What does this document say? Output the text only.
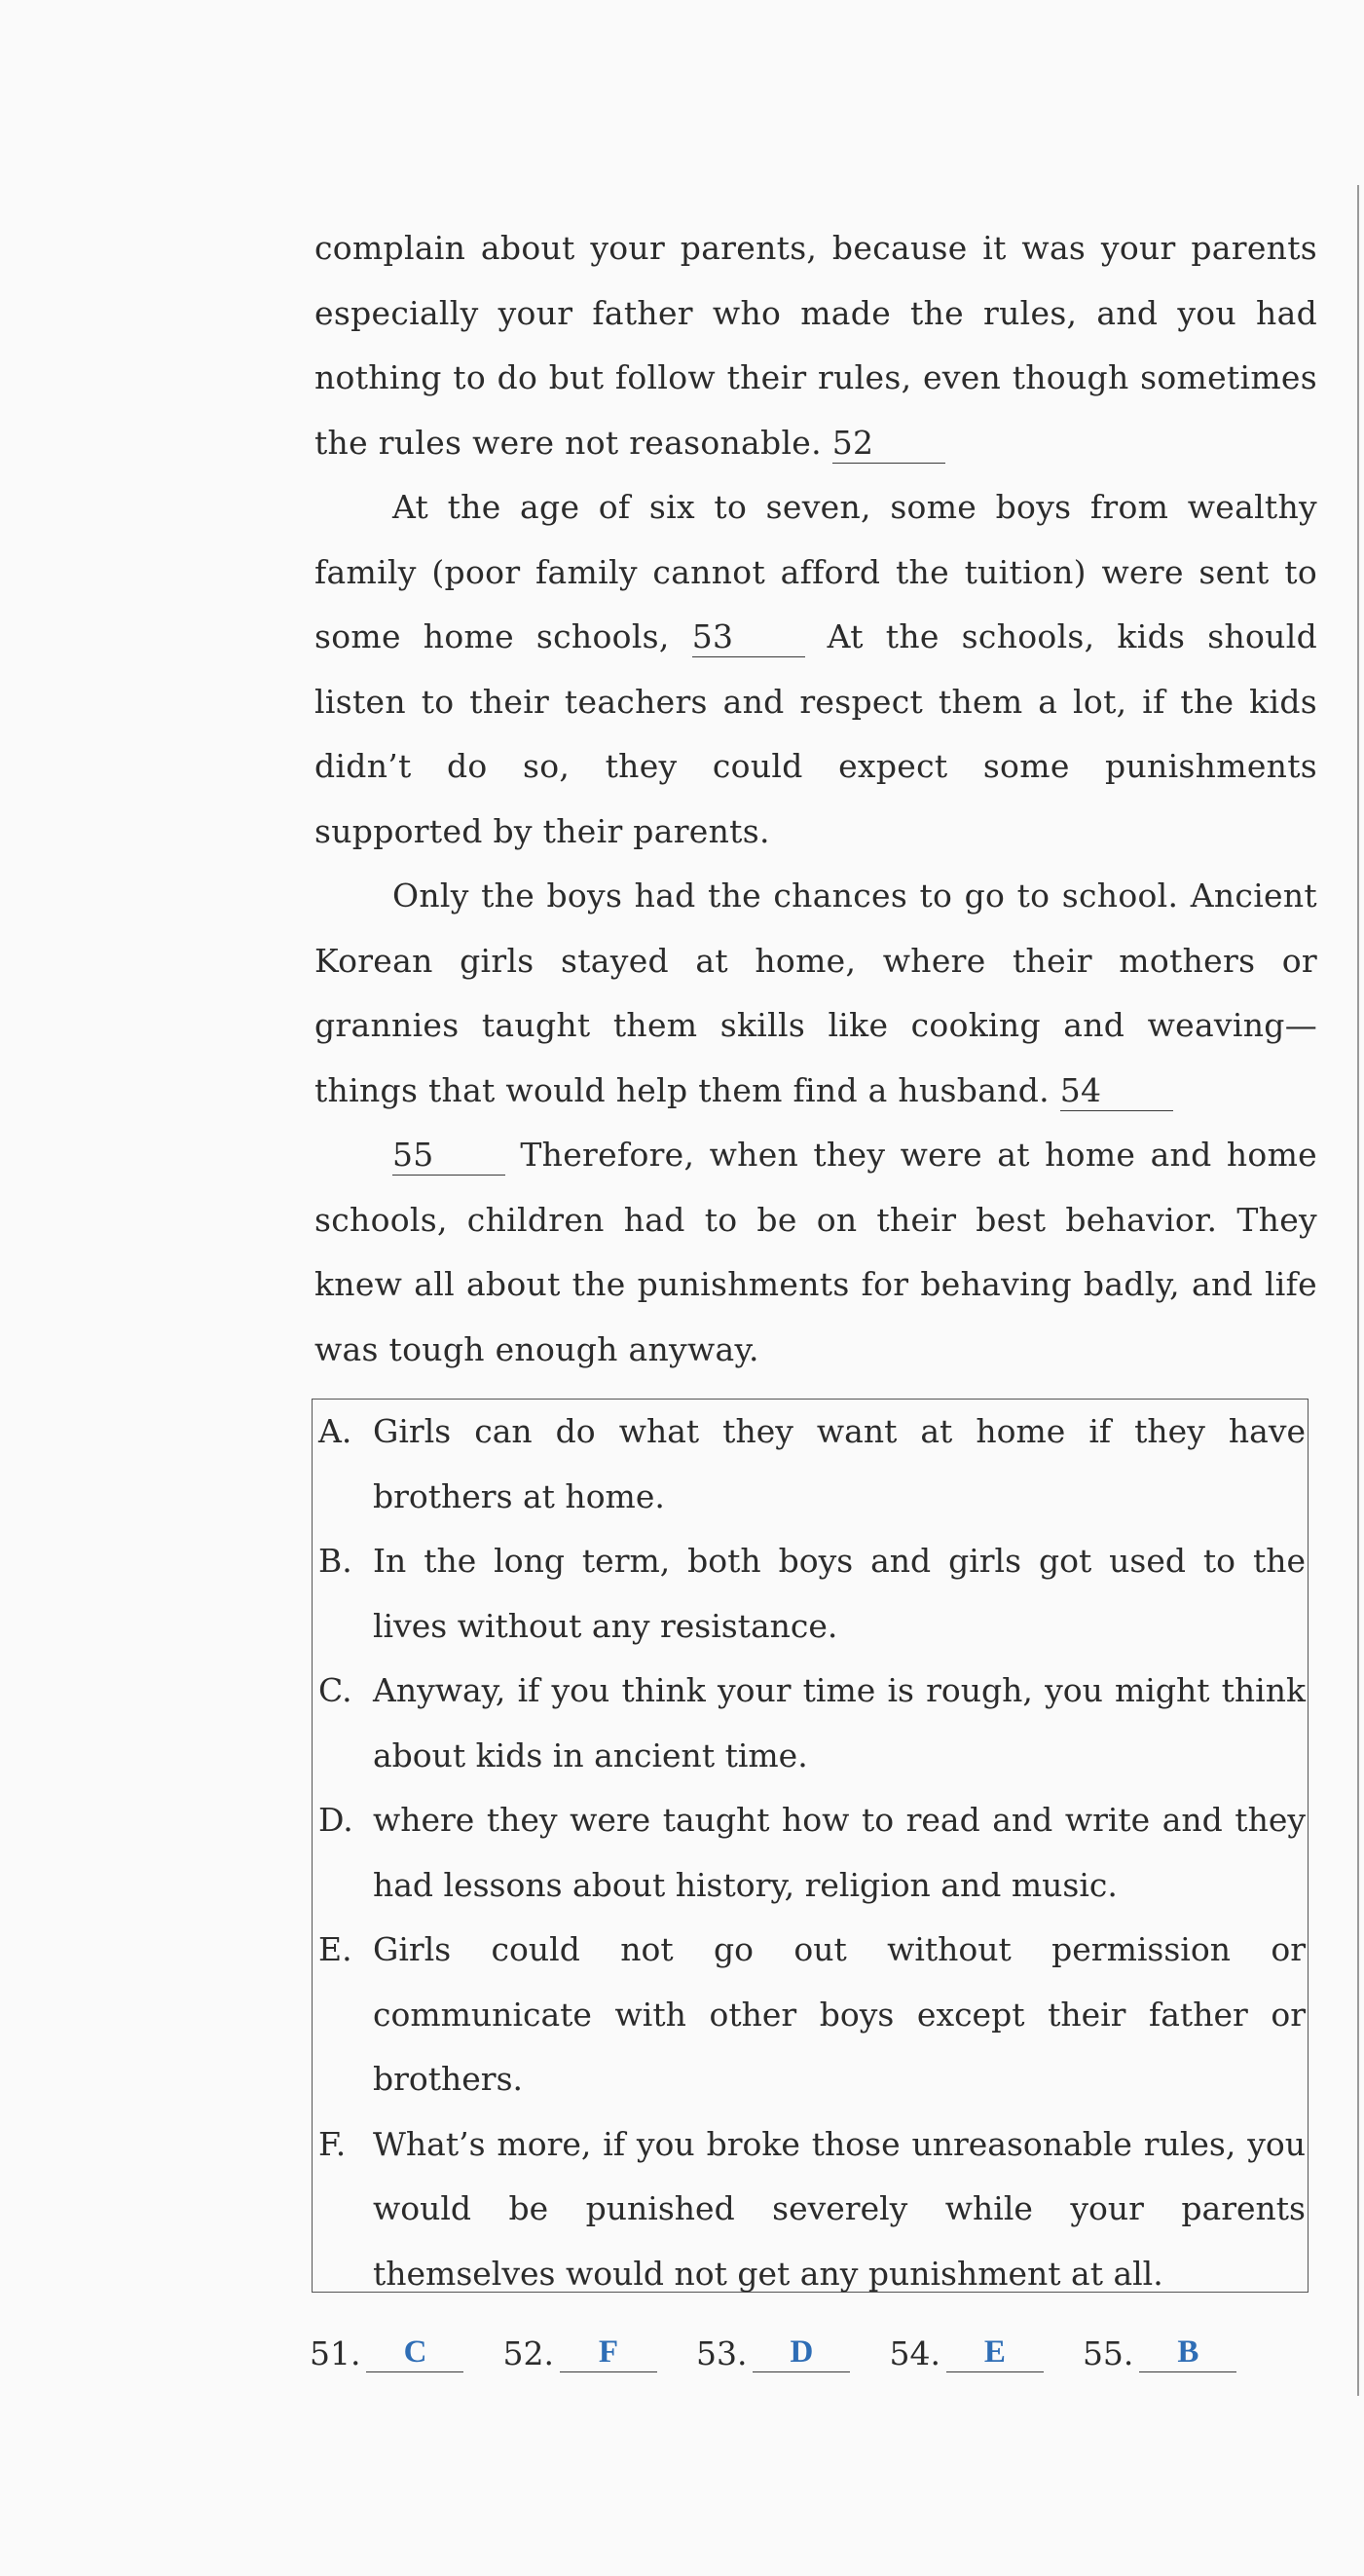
complain about your parents, because it was your parents especially your father who made the rules, and you had nothing to do but follow their rules, even though sometimes the rules were not reasonable. 52

At the age of six to seven, some boys from wealthy family (poor family cannot afford the tuition) were sent to some home schools, 53	At the schools, kids should listen to their teachers and respect them a lot, if the kids didn’t do so, they could expect some punishments supported by their parents.

Only the boys had the chances to go to school. Ancient Korean girls stayed at home, where their mothers or grannies taught them skills like cooking and weaving—things that would help them find a husband. 54

55	Therefore, when they were at home and home schools, children had to be on their best behavior. They knew all about the punishments for behaving badly, and life was tough enough anyway.

A. Girls can do what they want at home if they have brothers at home.
B. In the long term, both boys and girls got used to the lives without any resistance.
C. Anyway, if you think your time is rough, you might think about kids in ancient time.
D. where they were taught how to read and write and they had lessons about history, religion and music.
E. Girls could not go out without permission or communicate with other boys except their father or brothers.
F. What’s more, if you broke those unreasonable rules, you would be punished severely while your parents themselves would not get any punishment at all.
51.	C	52.	F	53.	D	54.	E	55.	B
